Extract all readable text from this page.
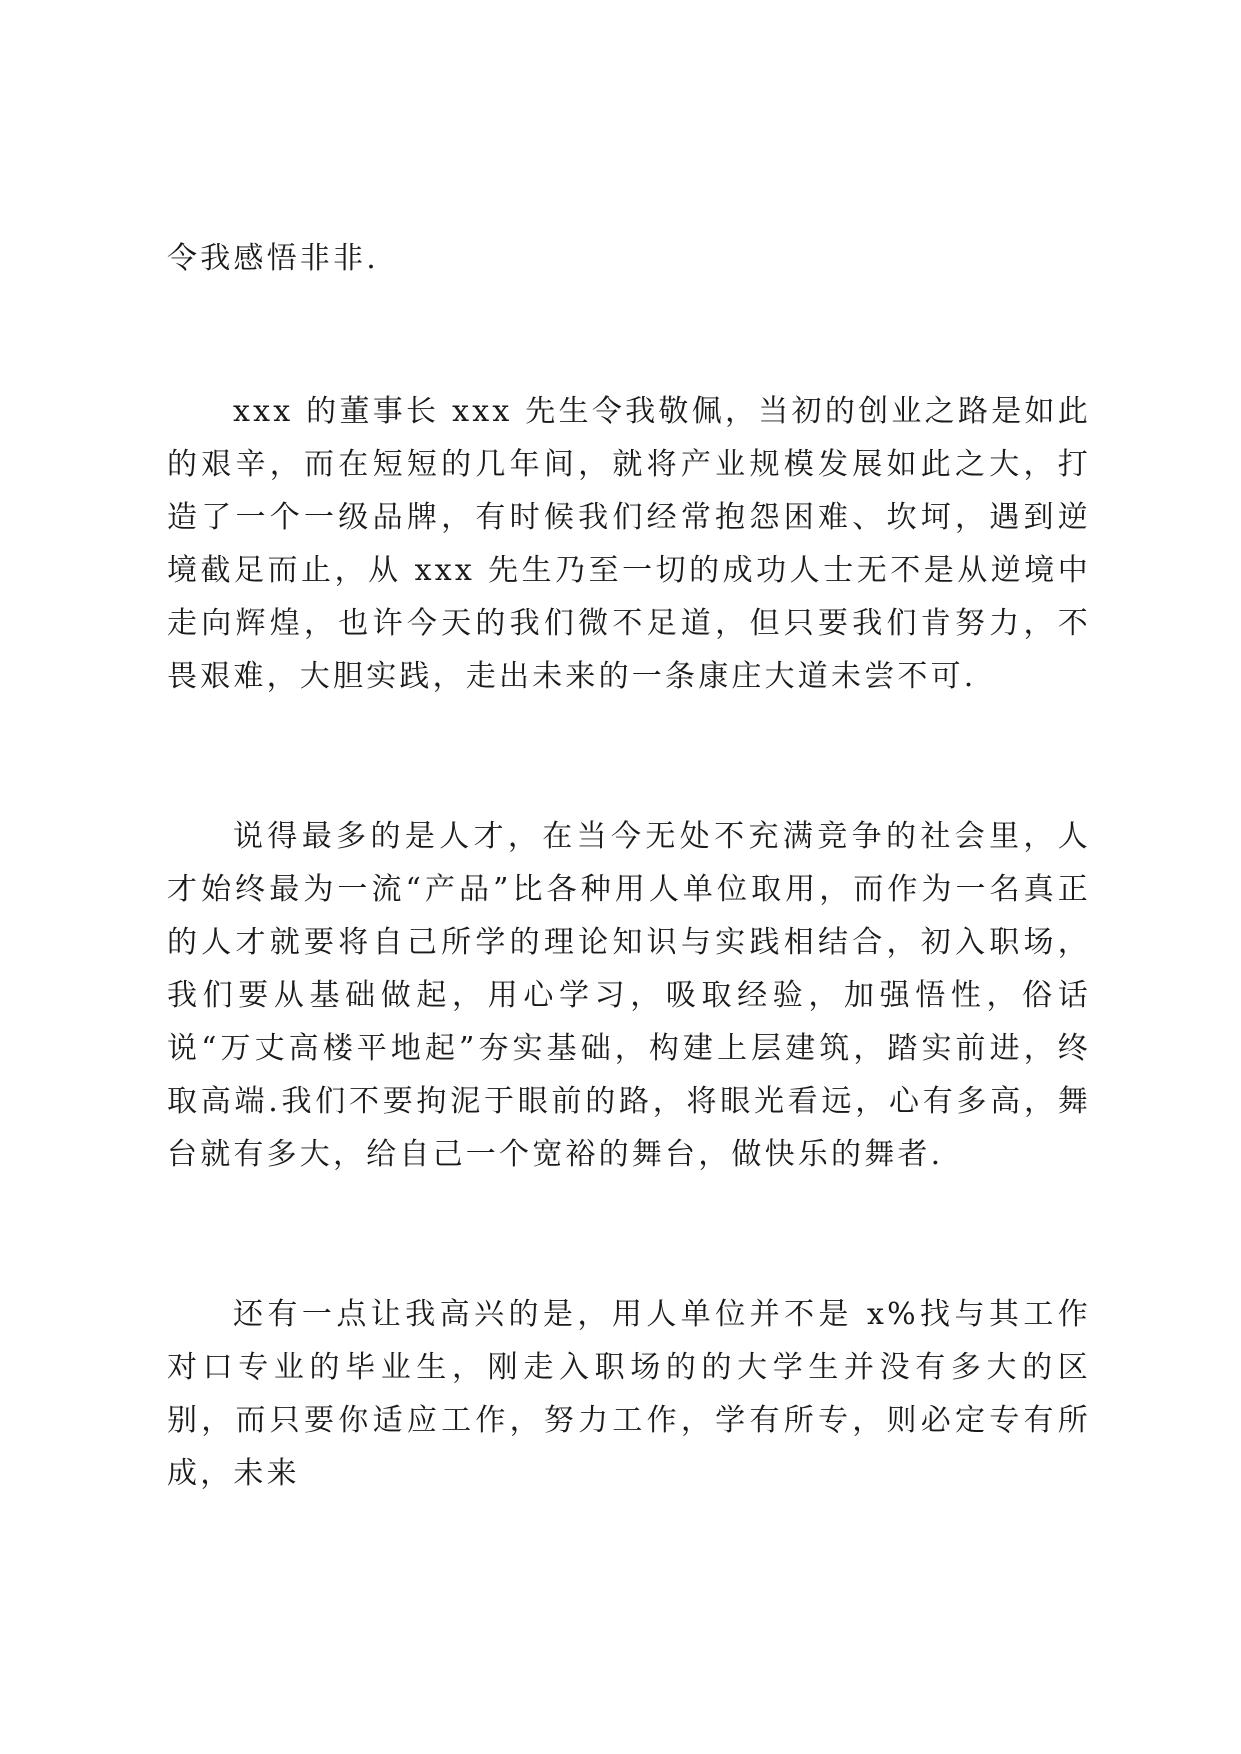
令我感悟非非.

xxx 的董事长 xxx 先生令我敬佩，当初的创业之路是如此的艰辛，而在短短的几年间，就将产业规模发展如此之大，打造了一个一级品牌，有时候我们经常抱怨困难、坎坷，遇到逆境截足而止，从 xxx 先生乃至一切的成功人士无不是从逆境中走向辉煌，也许今天的我们微不足道，但只要我们肯努力，不畏艰难，大胆实践，走出未来的一条康庄大道未尝不可.

说得最多的是人才，在当今无处不充满竞争的社会里，人才始终最为一流“产品”比各种用人单位取用，而作为一名真正的人才就要将自己所学的理论知识与实践相结合，初入职场，我们要从基础做起，用心学习，吸取经验，加强悟性，俗话说“万丈高楼平地起”夯实基础，构建上层建筑，踏实前进，终取高端.我们不要拘泥于眼前的路，将眼光看远，心有多高，舞台就有多大，给自己一个宽裕的舞台，做快乐的舞者.

还有一点让我高兴的是，用人单位并不是 x%找与其工作对口专业的毕业生，刚走入职场的的大学生并没有多大的区别，而只要你适应工作，努力工作，学有所专，则必定专有所成，未来
